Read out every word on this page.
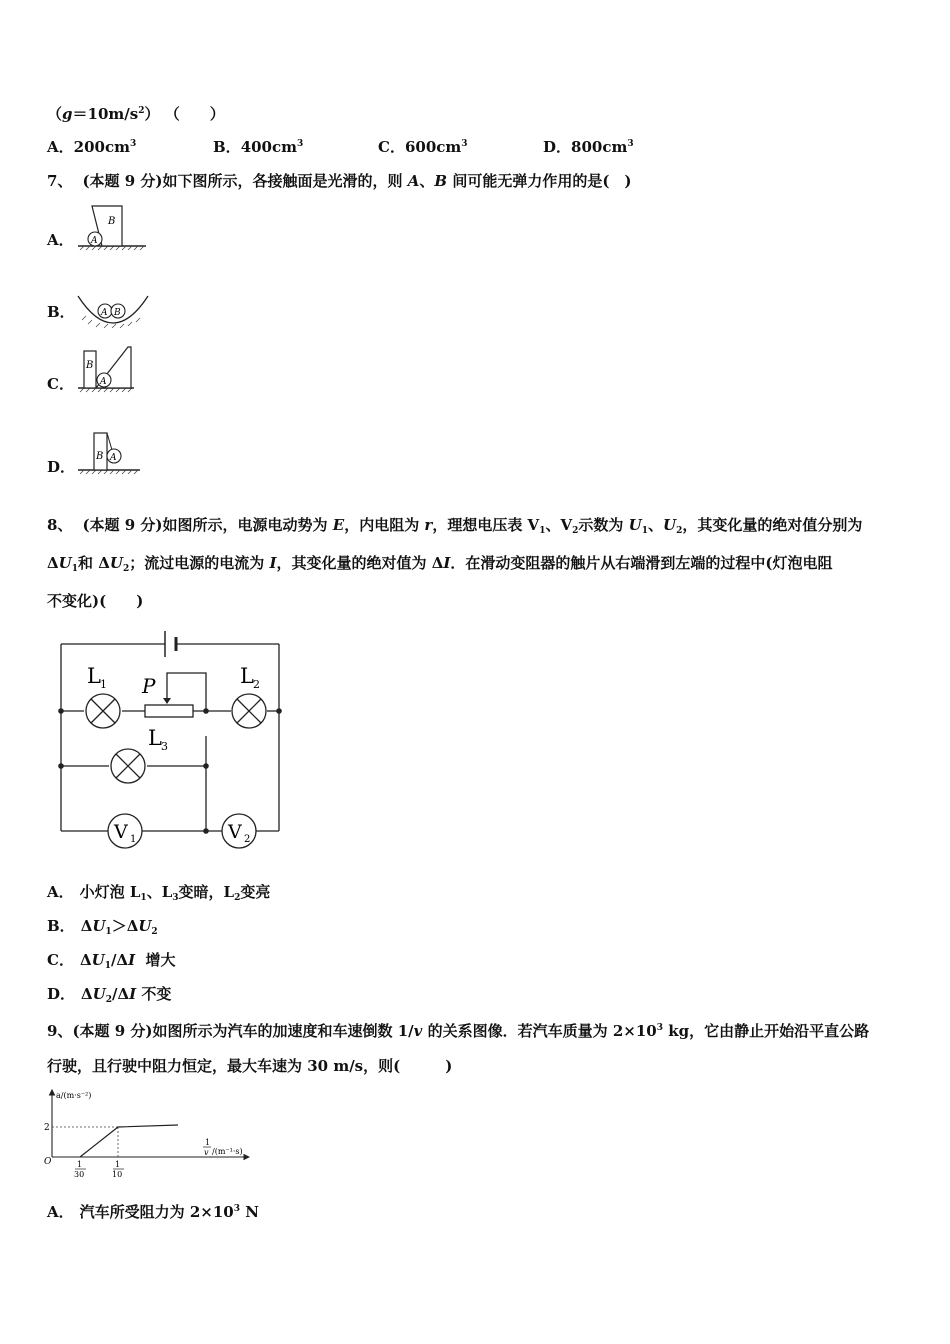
$(g=10m/s^2)$ （　　）
A．$200cm^3$	B．$400cm^3$	C．$600cm^3$	D．$800cm^3$
7、 (本题 9 分)如下图所示，各接触面是光滑的，则 A、B 间可能无弹力作用的是(　)
A．
B．
C．
D．
A
B
A B
A
B
A
B
8、 (本题 9 分)如图所示，电源电动势为 E，内电阻为 r，理想电压表 $V_1$、$V_2$示数为 $U_1$、$U_2$，其变化量的绝对值分别为
$\Delta U_1$和 $\Delta U_2$；流过电源的电流为 I，其变化量的绝对值为 ΔI．在滑动变阻器的触片从右端滑到左端的过程中(灯泡电阻
不变化)(　　)
V 1	V 2
L 1	L 2
L 3
P
A． 小灯泡 $L_1$、$L_3$变暗，$L_2$变亮
B． $\Delta U_1>\Delta U_2$
C． $\Delta U_1/\Delta I$  增大
D． $\Delta U_2/\Delta I$ 不变
9、(本题 9 分)如图所示为汽车的加速度和车速倒数 1/v 的关系图像．若汽车质量为 $2\times 10^3$ kg，它由静止开始沿平直公路
行驶，且行驶中阻力恒定，最大车速为 30 m/s，则(　　　)
a/(m·s⁻²)
2
O	1
30
1
10
1
v /(m⁻¹·s)
A． 汽车所受阻力为 $2\times 10^3$ N
